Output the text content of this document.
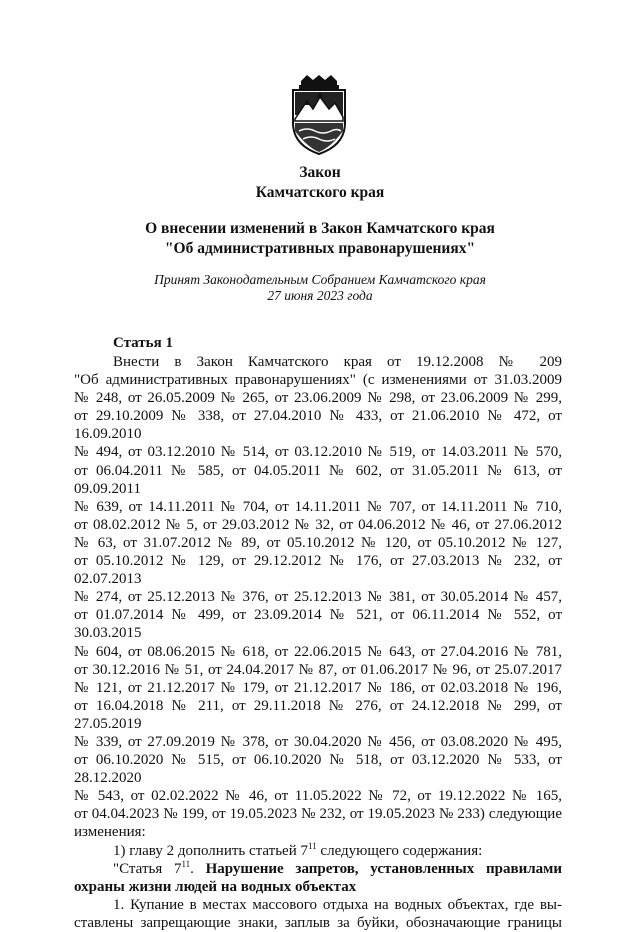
Закон
Камчатского края
О внесении изменений в Закон Камчатского края
"Об административных правонарушениях"
Принят Законодательным Собранием Камчатского края
27 июня 2023 года
Статья 1
Внести в Закон Камчатского края от 19.12.2008 № 209
"Об административных правонарушениях" (с изменениями от 31.03.2009
№ 248, от 26.05.2009 № 265, от 23.06.2009 № 298, от 23.06.2009 № 299,
от 29.10.2009 № 338, от 27.04.2010 № 433, от 21.06.2010 № 472, от 16.09.2010
№ 494, от 03.12.2010 № 514, от 03.12.2010 № 519, от 14.03.2011 № 570,
от 06.04.2011 № 585, от 04.05.2011 № 602, от 31.05.2011 № 613, от 09.09.2011
№ 639, от 14.11.2011 № 704, от 14.11.2011 № 707, от 14.11.2011 № 710,
от 08.02.2012 № 5, от 29.03.2012 № 32, от 04.06.2012 № 46, от 27.06.2012
№ 63, от 31.07.2012 № 89, от 05.10.2012 № 120, от 05.10.2012 № 127,
от 05.10.2012 № 129, от 29.12.2012 № 176, от 27.03.2013 № 232, от 02.07.2013
№ 274, от 25.12.2013 № 376, от 25.12.2013 № 381, от 30.05.2014 № 457,
от 01.07.2014 № 499, от 23.09.2014 № 521, от 06.11.2014 № 552, от 30.03.2015
№ 604, от 08.06.2015 № 618, от 22.06.2015 № 643, от 27.04.2016 № 781,
от 30.12.2016 № 51, от 24.04.2017 № 87, от 01.06.2017 № 96, от 25.07.2017
№ 121, от 21.12.2017 № 179, от 21.12.2017 № 186, от 02.03.2018 № 196,
от 16.04.2018 № 211, от 29.11.2018 № 276, от 24.12.2018 № 299, от 27.05.2019
№ 339, от 27.09.2019 № 378, от 30.04.2020 № 456, от 03.08.2020 № 495,
от 06.10.2020 № 515, от 06.10.2020 № 518, от 03.12.2020 № 533, от 28.12.2020
№ 543, от 02.02.2022 № 46, от 11.05.2022 № 72, от 19.12.2022 № 165,
от 04.04.2023 № 199, от 19.05.2023 № 232, от 19.05.2023 № 233) следующие
изменения:
1) главу 2 дополнить статьей $7^{11}$ следующего содержания:
"Статья $7^{11}$. Нарушение запретов, установленных правилами
охраны жизни людей на водных объектах
1. Купание в местах массового отдыха на водных объектах, где вы-
ставлены запрещающие знаки, заплыв за буйки, обозначающие границы
